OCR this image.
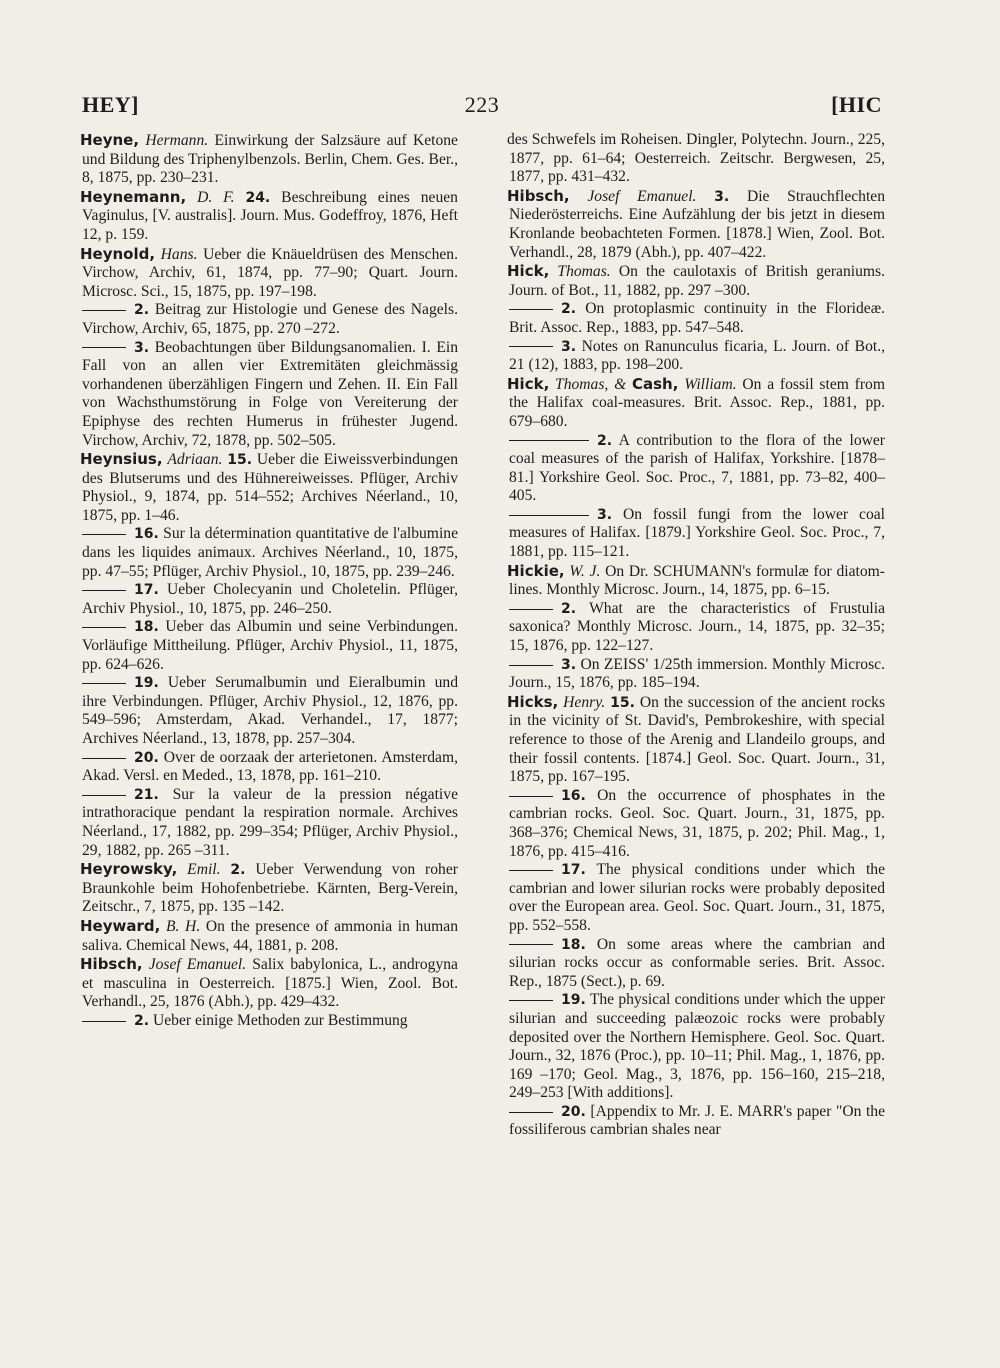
HEY]	223	[HIC
Heyne, Hermann. Einwirkung der Salzsäure auf Ketone und Bildung des Triphenylbenzols. Berlin, Chem. Ges. Ber., 8, 1875, pp. 230–231.
Heynemann, D. F. 24. Beschreibung eines neuen Vaginulus, [V. australis]. Journ. Mus. Godeffroy, 1876, Heft 12, p. 159.
Heynold, Hans. Ueber die Knäueldrüsen des Menschen. Virchow, Archiv, 61, 1874, pp. 77–90; Quart. Journ. Microsc. Sci., 15, 1875, pp. 197–198.
2. Beitrag zur Histologie und Genese des Nagels. Virchow, Archiv, 65, 1875, pp. 270 –272.
3. Beobachtungen über Bildungsanomalien. I. Ein Fall von an allen vier Extremitäten gleichmässig vorhandenen überzähligen Fingern und Zehen. II. Ein Fall von Wachsthumstörung in Folge von Vereiterung der Epiphyse des rechten Humerus in frühester Jugend. Virchow, Archiv, 72, 1878, pp. 502–505.
Heynsius, Adriaan. 15. Ueber die Eiweissverbindungen des Blutserums und des Hühnereiweisses. Pflüger, Archiv Physiol., 9, 1874, pp. 514–552; Archives Néerland., 10, 1875, pp. 1–46.
16. Sur la détermination quantitative de l'albumine dans les liquides animaux. Archives Néerland., 10, 1875, pp. 47–55; Pflüger, Archiv Physiol., 10, 1875, pp. 239–246.
17. Ueber Cholecyanin und Choletelin. Pflüger, Archiv Physiol., 10, 1875, pp. 246–250.
18. Ueber das Albumin und seine Verbindungen. Vorläufige Mittheilung. Pflüger, Archiv Physiol., 11, 1875, pp. 624–626.
19. Ueber Serumalbumin und Eieralbumin und ihre Verbindungen. Pflüger, Archiv Physiol., 12, 1876, pp. 549–596; Amsterdam, Akad. Verhandel., 17, 1877; Archives Néerland., 13, 1878, pp. 257–304.
20. Over de oorzaak der arterietonen. Amsterdam, Akad. Versl. en Meded., 13, 1878, pp. 161–210.
21. Sur la valeur de la pression négative intrathoracique pendant la respiration normale. Archives Néerland., 17, 1882, pp. 299–354; Pflüger, Archiv Physiol., 29, 1882, pp. 265 –311.
Heyrowsky, Emil. 2. Ueber Verwendung von roher Braunkohle beim Hohofenbetriebe. Kärnten, Berg-Verein, Zeitschr., 7, 1875, pp. 135 –142.
Heyward, B. H. On the presence of ammonia in human saliva. Chemical News, 44, 1881, p. 208.
Hibsch, Josef Emanuel. Salix babylonica, L., androgyna et masculina in Oesterreich. [1875.] Wien, Zool. Bot. Verhandl., 25, 1876 (Abh.), pp. 429–432.
2. Ueber einige Methoden zur Bestimmung
des Schwefels im Roheisen. Dingler, Polytechn. Journ., 225, 1877, pp. 61–64; Oesterreich. Zeitschr. Bergwesen, 25, 1877, pp. 431–432.
Hibsch, Josef Emanuel. 3. Die Strauchflechten Niederösterreichs. Eine Aufzählung der bis jetzt in diesem Kronlande beobachteten Formen. [1878.] Wien, Zool. Bot. Verhandl., 28, 1879 (Abh.), pp. 407–422.
Hick, Thomas. On the caulotaxis of British geraniums. Journ. of Bot., 11, 1882, pp. 297 –300.
2. On protoplasmic continuity in the Florideæ. Brit. Assoc. Rep., 1883, pp. 547–548.
3. Notes on Ranunculus ficaria, L. Journ. of Bot., 21 (12), 1883, pp. 198–200.
Hick, Thomas, & Cash, William. On a fossil stem from the Halifax coal-measures. Brit. Assoc. Rep., 1881, pp. 679–680.
2. A contribution to the flora of the lower coal measures of the parish of Halifax, Yorkshire. [1878–81.] Yorkshire Geol. Soc. Proc., 7, 1881, pp. 73–82, 400–405.
3. On fossil fungi from the lower coal measures of Halifax. [1879.] Yorkshire Geol. Soc. Proc., 7, 1881, pp. 115–121.
Hickie, W. J. On Dr. SCHUMANN's formulæ for diatom-lines. Monthly Microsc. Journ., 14, 1875, pp. 6–15.
2. What are the characteristics of Frustulia saxonica? Monthly Microsc. Journ., 14, 1875, pp. 32–35; 15, 1876, pp. 122–127.
3. On ZEISS' 1/25th immersion. Monthly Microsc. Journ., 15, 1876, pp. 185–194.
Hicks, Henry. 15. On the succession of the ancient rocks in the vicinity of St. David's, Pembrokeshire, with special reference to those of the Arenig and Llandeilo groups, and their fossil contents. [1874.] Geol. Soc. Quart. Journ., 31, 1875, pp. 167–195.
16. On the occurrence of phosphates in the cambrian rocks. Geol. Soc. Quart. Journ., 31, 1875, pp. 368–376; Chemical News, 31, 1875, p. 202; Phil. Mag., 1, 1876, pp. 415–416.
17. The physical conditions under which the cambrian and lower silurian rocks were probably deposited over the European area. Geol. Soc. Quart. Journ., 31, 1875, pp. 552–558.
18. On some areas where the cambrian and silurian rocks occur as conformable series. Brit. Assoc. Rep., 1875 (Sect.), p. 69.
19. The physical conditions under which the upper silurian and succeeding palæozoic rocks were probably deposited over the Northern Hemisphere. Geol. Soc. Quart. Journ., 32, 1876 (Proc.), pp. 10–11; Phil. Mag., 1, 1876, pp. 169 –170; Geol. Mag., 3, 1876, pp. 156–160, 215–218, 249–253 [With additions].
20. [Appendix to Mr. J. E. MARR's paper "On the fossiliferous cambrian shales near
